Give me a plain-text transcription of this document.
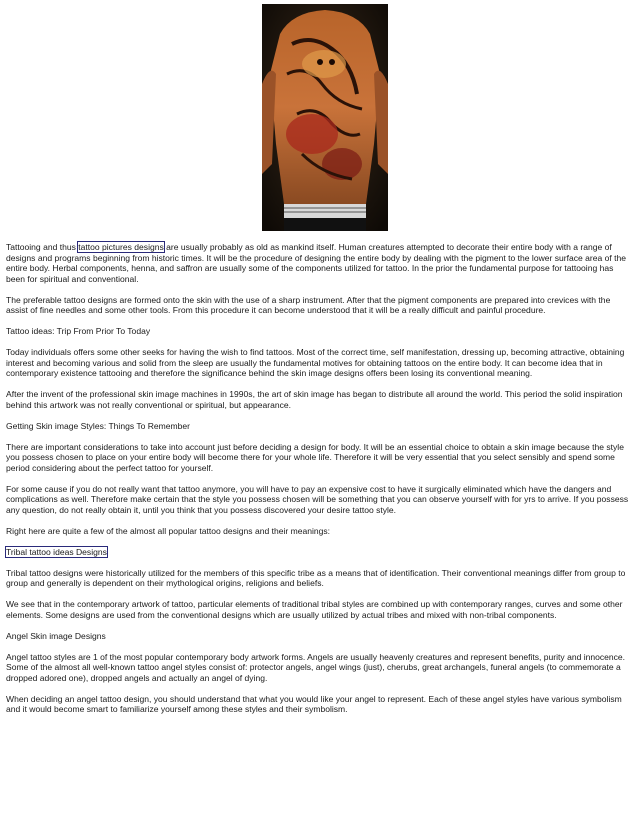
Tattooing and thus tattoo pictures designs are usually probably as old as mankind itself. Human creatures attempted to decorate their entire body with a range of designs and programs beginning from historic times. It will be the procedure of designing the entire body by dealing with the pigment to the lower surface area of the entire body. Herbal components, henna, and saffron are usually some of the components utilized for tattoo. In the prior the fundamental purpose for tattooing has been for spiritual and conventional.

The preferable tattoo designs are formed onto the skin with the use of a sharp instrument. After that the pigment components are prepared into crevices with the assist of fine needles and some other tools. From this procedure it can become understood that it will be a really difficult and painful procedure.

Tattoo ideas: Trip From Prior To Today

Today individuals offers some other seeks for having the wish to find tattoos. Most of the correct time, self manifestation, dressing up, becoming attractive, obtaining interest and becoming various and solid from the sleep are usually the fundamental motives for obtaining tattoos on the entire body. It can become idea that in contemporary existence tattooing and therefore the significance behind the skin image designs offers been losing its conventional meaning.

After the invent of the professional skin image machines in 1990s, the art of skin image has began to distribute all around the world. This period the solid inspiration behind this artwork was not really conventional or spiritual, but appearance.

Getting Skin image Styles: Things To Remember

There are important considerations to take into account just before deciding a design for body. It will be an essential choice to obtain a skin image because the style you possess chosen to place on your entire body will become there for your whole life. Therefore it will be very essential that you select sensibly and spend some period considering about the perfect tattoo for yourself.

For some cause if you do not really want that tattoo anymore, you will have to pay an expensive cost to have it surgically eliminated which have the dangers and complications as well. Therefore make certain that the style you possess chosen will be something that you can observe yourself with for yrs to arrive. If you possess any question, do not really obtain it, until you think that you possess discovered your desire tattoo style.

Right here are quite a few of the almost all popular tattoo designs and their meanings:

Tribal tattoo ideas Designs

Tribal tattoo designs were historically utilized for the members of this specific tribe as a means that of identification. Their conventional meanings differ from group to group and generally is dependent on their mythological origins, religions and beliefs.

We see that in the contemporary artwork of tattoo, particular elements of traditional tribal styles are combined up with contemporary ranges, curves and some other elements. Some designs are used from the conventional designs which are usually utilized by actual tribes and mixed with non-tribal components.

Angel Skin image Designs

Angel tattoo styles are 1 of the most popular contemporary body artwork forms. Angels are usually heavenly creatures and represent benefits, purity and innocence. Some of the almost all well-known tattoo angel styles consist of: protector angels, angel wings (just), cherubs, great archangels, funeral angels (to commemorate a dropped adored one), dropped angels and actually an angel of dying.

When deciding an angel tattoo design, you should understand that what you would like your angel to represent. Each of these angel styles have various symbolism and it would become smart to familiarize yourself among these styles and their symbolism.
